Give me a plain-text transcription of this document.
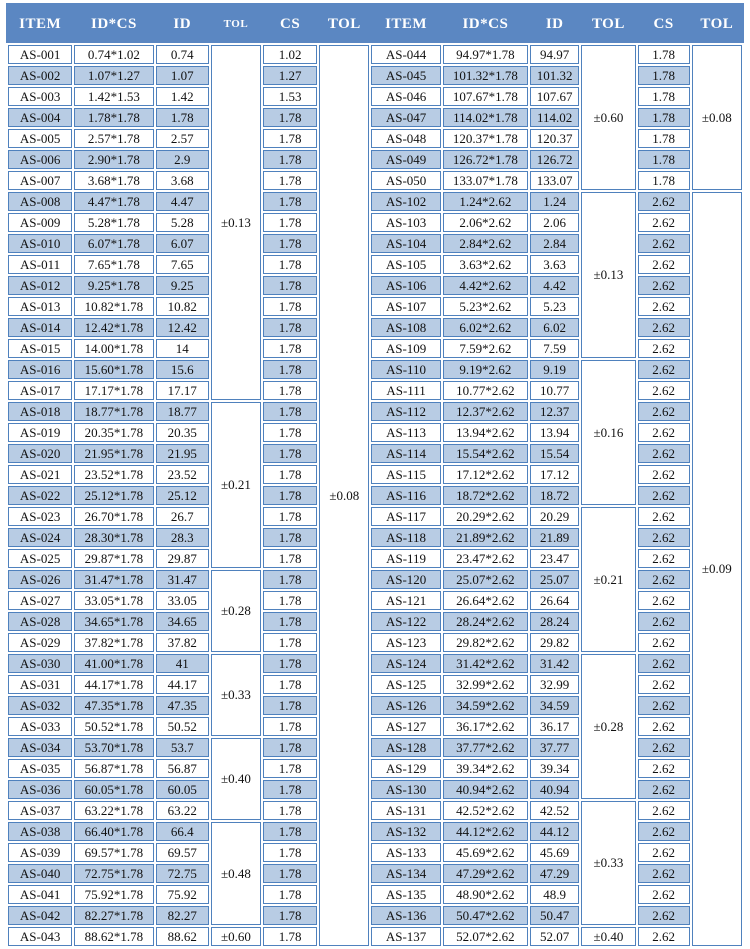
ITEM	ID*CS	ID	TOL	CS	TOL	ITEM	ID*CS	ID	TOL	CS	TOL
AS-001	0.74*1.02	0.74	±0.13	1.02	±0.08	AS-044	94.97*1.78	94.97	±0.60	1.78	±0.08
AS-002	1.07*1.27	1.07		1.27		AS-045	101.32*1.78	101.32		1.78	
AS-003	1.42*1.53	1.42		1.53		AS-046	107.67*1.78	107.67		1.78	
AS-004	1.78*1.78	1.78		1.78		AS-047	114.02*1.78	114.02		1.78	
AS-005	2.57*1.78	2.57		1.78		AS-048	120.37*1.78	120.37		1.78	
AS-006	2.90*1.78	2.9		1.78		AS-049	126.72*1.78	126.72		1.78	
AS-007	3.68*1.78	3.68		1.78		AS-050	133.07*1.78	133.07		1.78	
AS-008	4.47*1.78	4.47		1.78		AS-102	1.24*2.62	1.24	±0.13	2.62	±0.09
AS-009	5.28*1.78	5.28		1.78		AS-103	2.06*2.62	2.06		2.62	
AS-010	6.07*1.78	6.07		1.78		AS-104	2.84*2.62	2.84		2.62	
AS-011	7.65*1.78	7.65		1.78		AS-105	3.63*2.62	3.63		2.62	
AS-012	9.25*1.78	9.25		1.78		AS-106	4.42*2.62	4.42		2.62	
AS-013	10.82*1.78	10.82		1.78		AS-107	5.23*2.62	5.23		2.62	
AS-014	12.42*1.78	12.42		1.78		AS-108	6.02*2.62	6.02		2.62	
AS-015	14.00*1.78	14		1.78		AS-109	7.59*2.62	7.59		2.62	
AS-016	15.60*1.78	15.6		1.78		AS-110	9.19*2.62	9.19	±0.16	2.62	
AS-017	17.17*1.78	17.17		1.78		AS-111	10.77*2.62	10.77		2.62	
AS-018	18.77*1.78	18.77	±0.21	1.78		AS-112	12.37*2.62	12.37		2.62	
AS-019	20.35*1.78	20.35		1.78		AS-113	13.94*2.62	13.94		2.62	
AS-020	21.95*1.78	21.95		1.78		AS-114	15.54*2.62	15.54		2.62	
AS-021	23.52*1.78	23.52		1.78		AS-115	17.12*2.62	17.12		2.62	
AS-022	25.12*1.78	25.12		1.78		AS-116	18.72*2.62	18.72		2.62	
AS-023	26.70*1.78	26.7		1.78		AS-117	20.29*2.62	20.29	±0.21	2.62	
AS-024	28.30*1.78	28.3		1.78		AS-118	21.89*2.62	21.89		2.62	
AS-025	29.87*1.78	29.87		1.78		AS-119	23.47*2.62	23.47		2.62	
AS-026	31.47*1.78	31.47	±0.28	1.78		AS-120	25.07*2.62	25.07		2.62	
AS-027	33.05*1.78	33.05		1.78		AS-121	26.64*2.62	26.64		2.62	
AS-028	34.65*1.78	34.65		1.78		AS-122	28.24*2.62	28.24		2.62	
AS-029	37.82*1.78	37.82		1.78		AS-123	29.82*2.62	29.82		2.62	
AS-030	41.00*1.78	41	±0.33	1.78		AS-124	31.42*2.62	31.42	±0.28	2.62	
AS-031	44.17*1.78	44.17		1.78		AS-125	32.99*2.62	32.99		2.62	
AS-032	47.35*1.78	47.35		1.78		AS-126	34.59*2.62	34.59		2.62	
AS-033	50.52*1.78	50.52		1.78		AS-127	36.17*2.62	36.17		2.62	
AS-034	53.70*1.78	53.7	±0.40	1.78		AS-128	37.77*2.62	37.77		2.62	
AS-035	56.87*1.78	56.87		1.78		AS-129	39.34*2.62	39.34		2.62	
AS-036	60.05*1.78	60.05		1.78		AS-130	40.94*2.62	40.94		2.62	
AS-037	63.22*1.78	63.22		1.78		AS-131	42.52*2.62	42.52	±0.33	2.62	
AS-038	66.40*1.78	66.4	±0.48	1.78		AS-132	44.12*2.62	44.12		2.62	
AS-039	69.57*1.78	69.57		1.78		AS-133	45.69*2.62	45.69		2.62	
AS-040	72.75*1.78	72.75		1.78		AS-134	47.29*2.62	47.29		2.62	
AS-041	75.92*1.78	75.92		1.78		AS-135	48.90*2.62	48.9		2.62	
AS-042	82.27*1.78	82.27		1.78		AS-136	50.47*2.62	50.47		2.62	
AS-043	88.62*1.78	88.62	±0.60	1.78		AS-137	52.07*2.62	52.07	±0.40	2.62	
